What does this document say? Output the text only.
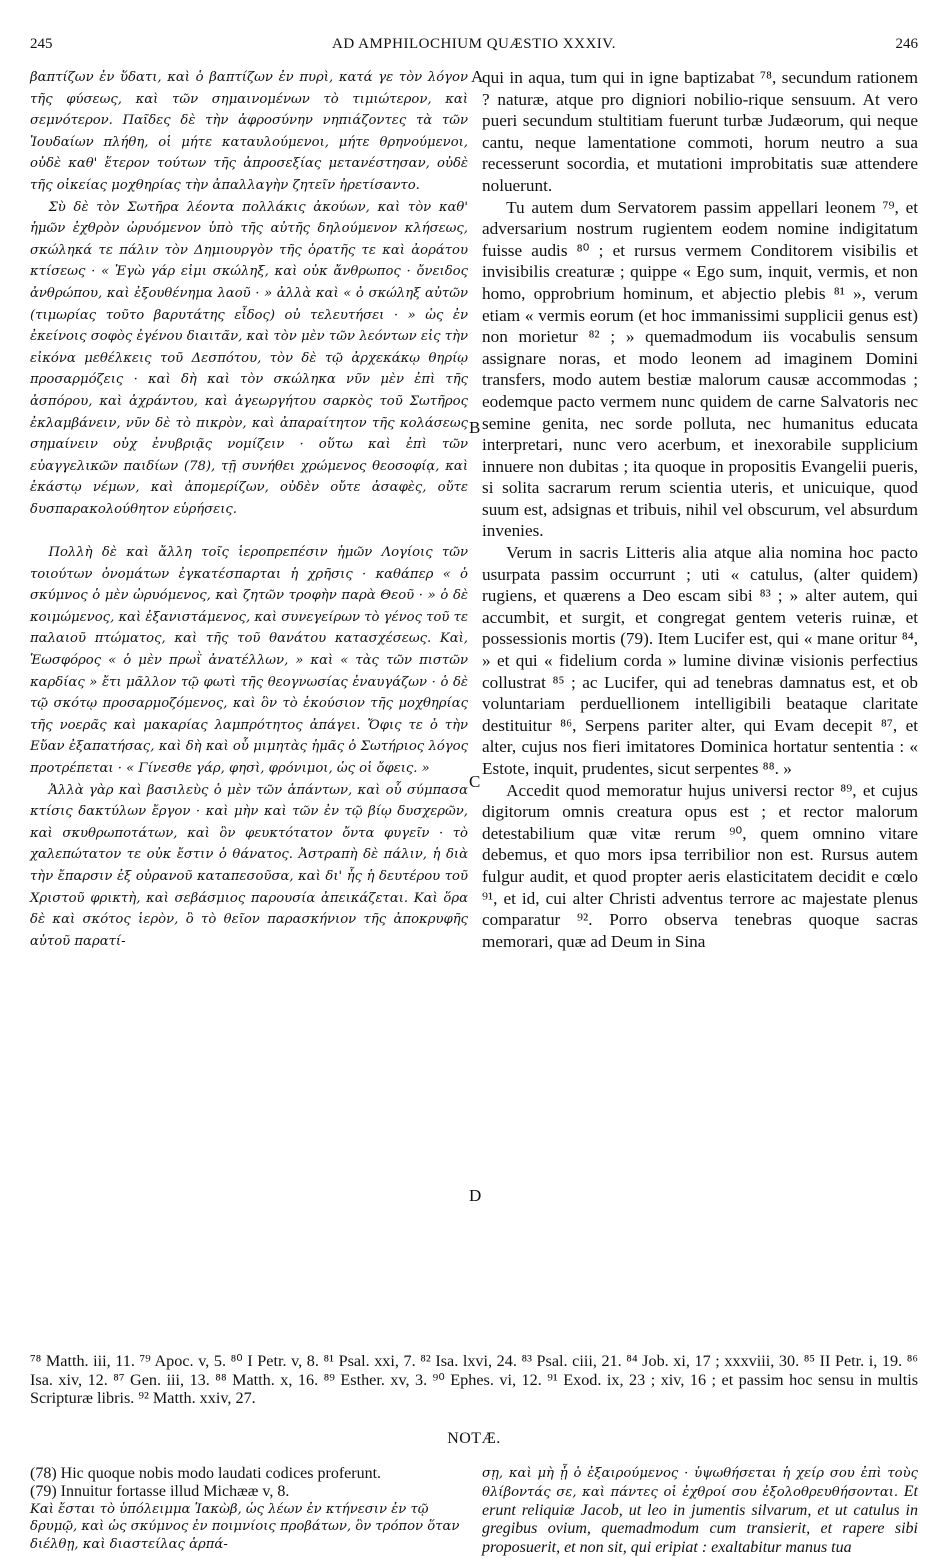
245	AD AMPHILOCHIUM QUÆSTIO XXXIV.	246

βαπτίζων ἐν ὕδατι, καὶ ὁ βαπτίζων ἐν πυρὶ, κατά γε τὸν λόγον τῆς φύσεως, καὶ τῶν σημαινομένων τὸ τιμιώτερον, καὶ σεμνότερον. Παῖδες δὲ τὴν ἀφροσύνην νηπιάζοντες τὰ τῶν Ἰουδαίων πλήθη, οἱ μήτε καταυλούμενοι, μήτε θρηνούμενοι, οὐδὲ καθ' ἕτερον τούτων τῆς ἀπροσεξίας μετανέστησαν, οὐδὲ τῆς οἰκείας μοχθηρίας τὴν ἀπαλλαγὴν ζητεῖν ἠρετίσαντο.

Σὺ δὲ τὸν Σωτῆρα λέοντα πολλάκις ἀκούων, καὶ τὸν καθ' ἡμῶν ἐχθρὸν ὠρυόμενον ὑπὸ τῆς αὐτῆς δηλούμενον κλήσεως, σκώληκά τε πάλιν τὸν Δημιουργὸν τῆς ὁρατῆς τε καὶ ἀοράτου κτίσεως · « Ἐγὼ γάρ εἰμι σκώληξ, καὶ οὐκ ἄνθρωπος · ὄνειδος ἀνθρώπου, καὶ ἐξουθένημα λαοῦ · » ἀλλὰ καὶ « ὁ σκώληξ αὐτῶν (τιμωρίας τοῦτο βαρυτάτης εἶδος) οὐ τελευτήσει · » ὡς ἐν ἐκείνοις σοφὸς ἐγένου διαιτᾶν, καὶ τὸν μὲν τῶν λεόντων εἰς τὴν εἰκόνα μεθέλκεις τοῦ Δεσπότου, τὸν δὲ τῷ ἀρχεκάκῳ θηρίῳ προσαρμόζεις · καὶ δὴ καὶ τὸν σκώληκα νῦν μὲν ἐπὶ τῆς ἀσπόρου, καὶ ἀχράντου, καὶ ἀγεωργήτου σαρκὸς τοῦ Σωτῆρος ἐκλαμβάνειν, νῦν δὲ τὸ πικρὸν, καὶ ἀπαραίτητον τῆς κολάσεως σημαίνειν οὐχ ἐνυβριᾷς νομίζειν · οὕτω καὶ ἐπὶ τῶν εὐαγγελικῶν παιδίων (78), τῇ συνήθει χρώμενος θεοσοφίᾳ, καὶ ἑκάστῳ νέμων, καὶ ἀπομερίζων, οὐδὲν οὔτε ἀσαφὲς, οὔτε δυσπαρακολούθητον εὑρήσεις.

Πολλὴ δὲ καὶ ἄλλη τοῖς ἱεροπρεπέσιν ἡμῶν Λογίοις τῶν τοιούτων ὀνομάτων ἐγκατέσπαρται ἡ χρῆσις · καθάπερ « ὁ σκύμνος ὁ μὲν ὠρυόμενος, καὶ ζητῶν τροφὴν παρὰ Θεοῦ · » ὁ δὲ κοιμώμενος, καὶ ἐξανιστάμενος, καὶ συνεγείρων τὸ γένος τοῦ τε παλαιοῦ πτώματος, καὶ τῆς τοῦ θανάτου κατασχέσεως. Καὶ, Ἑωσφόρος « ὁ μὲν πρωῒ ἀνατέλλων, » καὶ « τὰς τῶν πιστῶν καρδίας » ἔτι μᾶλλον τῷ φωτὶ τῆς θεογνωσίας ἐναυγάζων · ὁ δὲ τῷ σκότῳ προσαρμοζόμενος, καὶ ὃν τὸ ἑκούσιον τῆς μοχθηρίας τῆς νοερᾶς καὶ μακαρίας λαμπρότητος ἀπάγει. Ὄφις τε ὁ τὴν Εὔαν ἐξαπατήσας, καὶ δὴ καὶ οὗ μιμητὰς ἡμᾶς ὁ Σωτήριος λόγος προτρέπεται · « Γίνεσθε γάρ, φησὶ, φρόνιμοι, ὡς οἱ ὄφεις. »

Ἀλλὰ γὰρ καὶ βασιλεὺς ὁ μὲν τῶν ἁπάντων, καὶ οὗ σύμπασα κτίσις δακτύλων ἔργον · καὶ μὴν καὶ τῶν ἐν τῷ βίῳ δυσχερῶν, καὶ σκυθρωποτάτων, καὶ ὃν φευκτότατον ὄντα φυγεῖν · τὸ χαλεπώτατον τε οὐκ ἔστιν ὁ θάνατος. Ἀστραπὴ δὲ πάλιν, ἡ διὰ τὴν ἔπαρσιν ἐξ οὐρανοῦ καταπεσοῦσα, καὶ δι' ἧς ἡ δευτέρου τοῦ Χριστοῦ φρικτὴ, καὶ σεβάσμιος παρουσία ἀπεικάζεται. Καὶ ὅρα δὲ καὶ σκότος ἱερὸν, ὃ τὸ θεῖον παρασκήνιον τῆς ἀποκρυφῆς αὐτοῦ παρατί-

A
B
C
D

qui in aqua, tum qui in igne baptizabat ⁷⁸, secundum rationem ? naturæ, atque pro digniori nobilio-rique sensuum. At vero pueri secundum stultitiam fuerunt turbæ Judæorum, qui neque cantu, neque lamentatione commoti, horum neutro a sua recesserunt socordia, et mutationi improbitatis suæ attendere noluerunt.

Tu autem dum Servatorem passim appellari leonem ⁷⁹, et adversarium nostrum rugientem eodem nomine indigitatum fuisse audis ⁸⁰ ; et rursus vermem Conditorem visibilis et invisibilis creaturæ ; quippe « Ego sum, inquit, vermis, et non homo, opprobrium hominum, et abjectio plebis ⁸¹ », verum etiam « vermis eorum (et hoc immanissimi supplicii genus est) non morietur ⁸² ; » quemadmodum iis vocabulis sensum assignare noras, et modo leonem ad imaginem Domini transfers, modo autem bestiæ malorum causæ accommodas ; eodemque pacto vermem nunc quidem de carne Salvatoris nec semine genita, nec sorde polluta, nec humanitus educata interpretari, nunc vero acerbum, et inexorabile supplicium innuere non dubitas ; ita quoque in propositis Evangelii pueris, si solita sacrarum rerum scientia uteris, et unicuique, quod suum est, adsignas et tribuis, nihil vel obscurum, vel absurdum invenies.

Verum in sacris Litteris alia atque alia nomina hoc pacto usurpata passim occurrunt ; uti « catulus, (alter quidem) rugiens, et quærens a Deo escam sibi ⁸³ ; » alter autem, qui accumbit, et surgit, et congregat gentem veteris ruinæ, et possessionis mortis (79). Item Lucifer est, qui « mane oritur ⁸⁴, » et qui « fidelium corda » lumine divinæ visionis perfectius collustrat ⁸⁵ ; ac Lucifer, qui ad tenebras damnatus est, et ob voluntariam perduellionem intelligibili beataque claritate destituitur ⁸⁶, Serpens pariter alter, qui Evam decepit ⁸⁷, et alter, cujus nos fieri imitatores Dominica hortatur sententia : « Estote, inquit, prudentes, sicut serpentes ⁸⁸. »

Accedit quod memoratur hujus universi rector ⁸⁹, et cujus digitorum omnis creatura opus est ; et rector malorum detestabilium quæ vitæ rerum ⁹⁰, quem omnino vitare debemus, et quo mors ipsa terribilior non est. Rursus autem fulgur audit, et quod propter aeris elasticitatem decidit e cœlo ⁹¹, et id, cui alter Christi adventus terrore ac majestate plenus comparatur ⁹². Porro observa tenebras quoque sacras memorari, quæ ad Deum in Sina

⁷⁸ Matth. iii, 11. ⁷⁹ Apoc. v, 5. ⁸⁰ I Petr. v, 8. ⁸¹ Psal. xxi, 7. ⁸² Isa. lxvi, 24. ⁸³ Psal. ciii, 21. ⁸⁴ Job. xi, 17 ; xxxviii, 30. ⁸⁵ II Petr. i, 19. ⁸⁶ Isa. xiv, 12. ⁸⁷ Gen. iii, 13. ⁸⁸ Matth. x, 16. ⁸⁹ Esther. xv, 3. ⁹⁰ Ephes. vi, 12. ⁹¹ Exod. ix, 23 ; xiv, 16 ; et passim hoc sensu in multis Scripturæ libris. ⁹² Matth. xxiv, 27.

NOTÆ.

(78) Hic quoque nobis modo laudati codices proferunt.

(79) Innuitur fortasse illud Michææ v, 8.

Καὶ ἔσται τὸ ὑπόλειμμα Ἰακὼβ, ὡς λέων ἐν κτήνεσιν ἐν τῷ δρυμῷ, καὶ ὡς σκύμνος ἐν ποιμνίοις προβάτων, ὃν τρόπον ὅταν διέλθῃ, καὶ διαστείλας ἁρπά-

σῃ, καὶ μὴ ᾖ ὁ ἐξαιρούμενος · ὑψωθήσεται ἡ χείρ σου ἐπὶ τοὺς θλίβοντάς σε, καὶ πάντες οἱ ἐχθροί σου ἐξολοθρευθήσονται. Et erunt reliquiæ Jacob, ut leo in jumentis silvarum, et ut catulus in gregibus ovium, quemadmodum cum transierit, et rapere sibi proposuerit, et non sit, qui eripiat : exaltabitur manus tua
